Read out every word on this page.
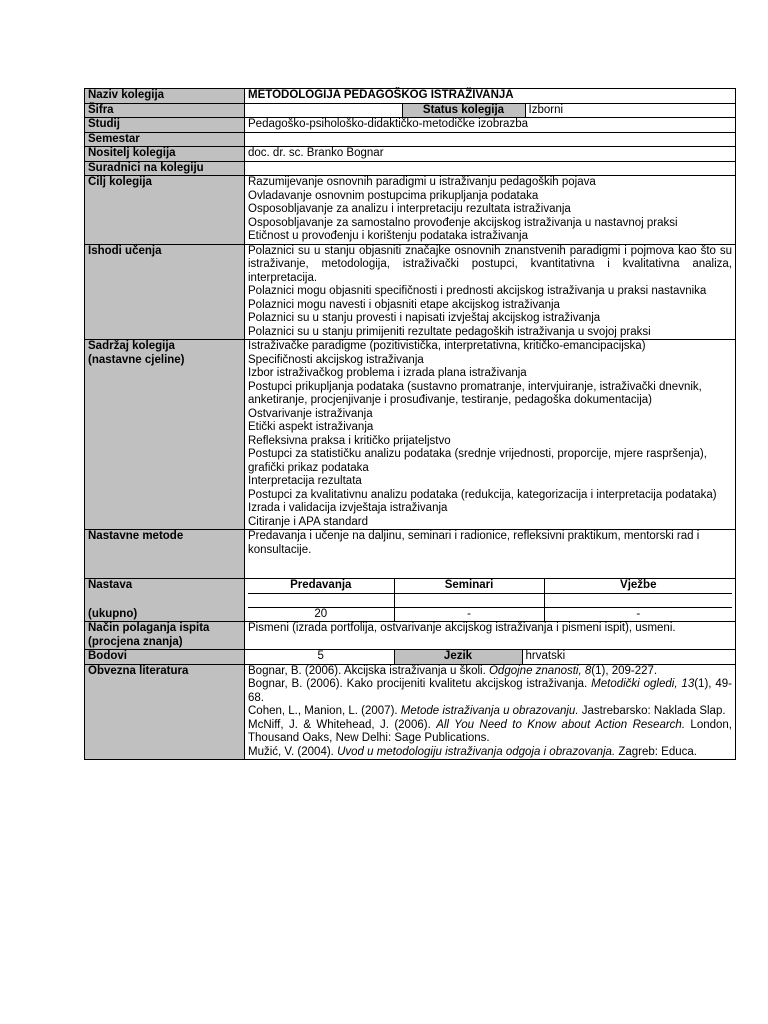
Naziv kolegija	METODOLOGIJA PEDAGOŠKOG ISTRAŽIVANJA
Šifra	
		Status kolegija	Izborni

Studij	Pedagoško-psihološko-didaktičko-metodičke izobrazba
Semestar	
Nositelj kolegija	doc. dr. sc. Branko Bognar
Suradnici na kolegiju	
Cilj kolegija	Razumijevanje osnovnih paradigmi u istraživanju pedagoških pojava
Ovladavanje osnovnim postupcima prikupljanja podataka
Osposobljavanje za analizu i interpretaciju rezultata istraživanja
Osposobljavanje za samostalno provođenje akcijskog istraživanja u nastavnoj praksi
Etičnost u provođenju i korištenju podataka istraživanja

Ishodi učenja	Polaznici su u stanju objasniti značajke osnovnih znanstvenih paradigmi i pojmova kao što su istraživanje, metodologija, istraživački postupci, kvantitativna i kvalitativna analiza, interpretacija.
Polaznici mogu objasniti specifičnosti i prednosti akcijskog istraživanja u praksi nastavnika
Polaznici mogu navesti i objasniti etape akcijskog istraživanja
Polaznici su u stanju provesti i napisati izvještaj akcijskog istraživanja
Polaznici su u stanju primijeniti rezultate pedagoških istraživanja u svojoj praksi

Sadržaj kolegija
(nastavne cjeline)

Istraživačke paradigme (pozitivistička, interpretativna, kritičko-emancipacijska)
Specifičnosti akcijskog istraživanja
Izbor istraživačkog problema i izrada plana istraživanja
Postupci prikupljanja podataka (sustavno promatranje, intervjuiranje, istraživački dnevnik, anketiranje, procjenjivanje i prosuđivanje, testiranje, pedagoška dokumentacija)
Ostvarivanje istraživanja
Etički aspekt istraživanja
Refleksivna praksa i kritičko prijateljstvo
Postupci za statističku analizu podataka (srednje vrijednosti, proporcije, mjere raspršenja), grafički prikaz podataka
Interpretacija rezultata
Postupci za kvalitativnu analizu podataka (redukcija, kategorizacija i interpretacija podataka)
Izrada i validacija izvještaja istraživanja
Citiranje i APA standard

Nastavne metode	Predavanja i učenje na daljinu, seminari i radionice, refleksivni praktikum, mentorski rad i konsultacije.

Nastava
(ukupno)

Predavanja	Seminari	Vježbe

20	-	-

Način polaganja ispita
(procjena znanja)
	Pismeni (izrada portfolija, ostvarivanje akcijskog istraživanja i pismeni ispit), usmeni.
Bodovi		5	Jezik	hrvatski

Obvezna literatura	Bognar, B. (2006). Akcijska istraživanja u školi. Odgojne znanosti, 8(1), 209-227.
Bognar, B. (2006). Kako procijeniti kvalitetu akcijskog istraživanja. Metodički ogledi, 13(1), 49-68.
Cohen, L., Manion, L. (2007). Metode istraživanja u obrazovanju. Jastrebarsko: Naklada Slap.
McNiff, J. & Whitehead, J. (2006). All You Need to Know about Action Research. London, Thousand Oaks, New Delhi: Sage Publications.
Mužić, V. (2004). Uvod u metodologiju istraživanja odgoja i obrazovanja. Zagreb: Educa.
